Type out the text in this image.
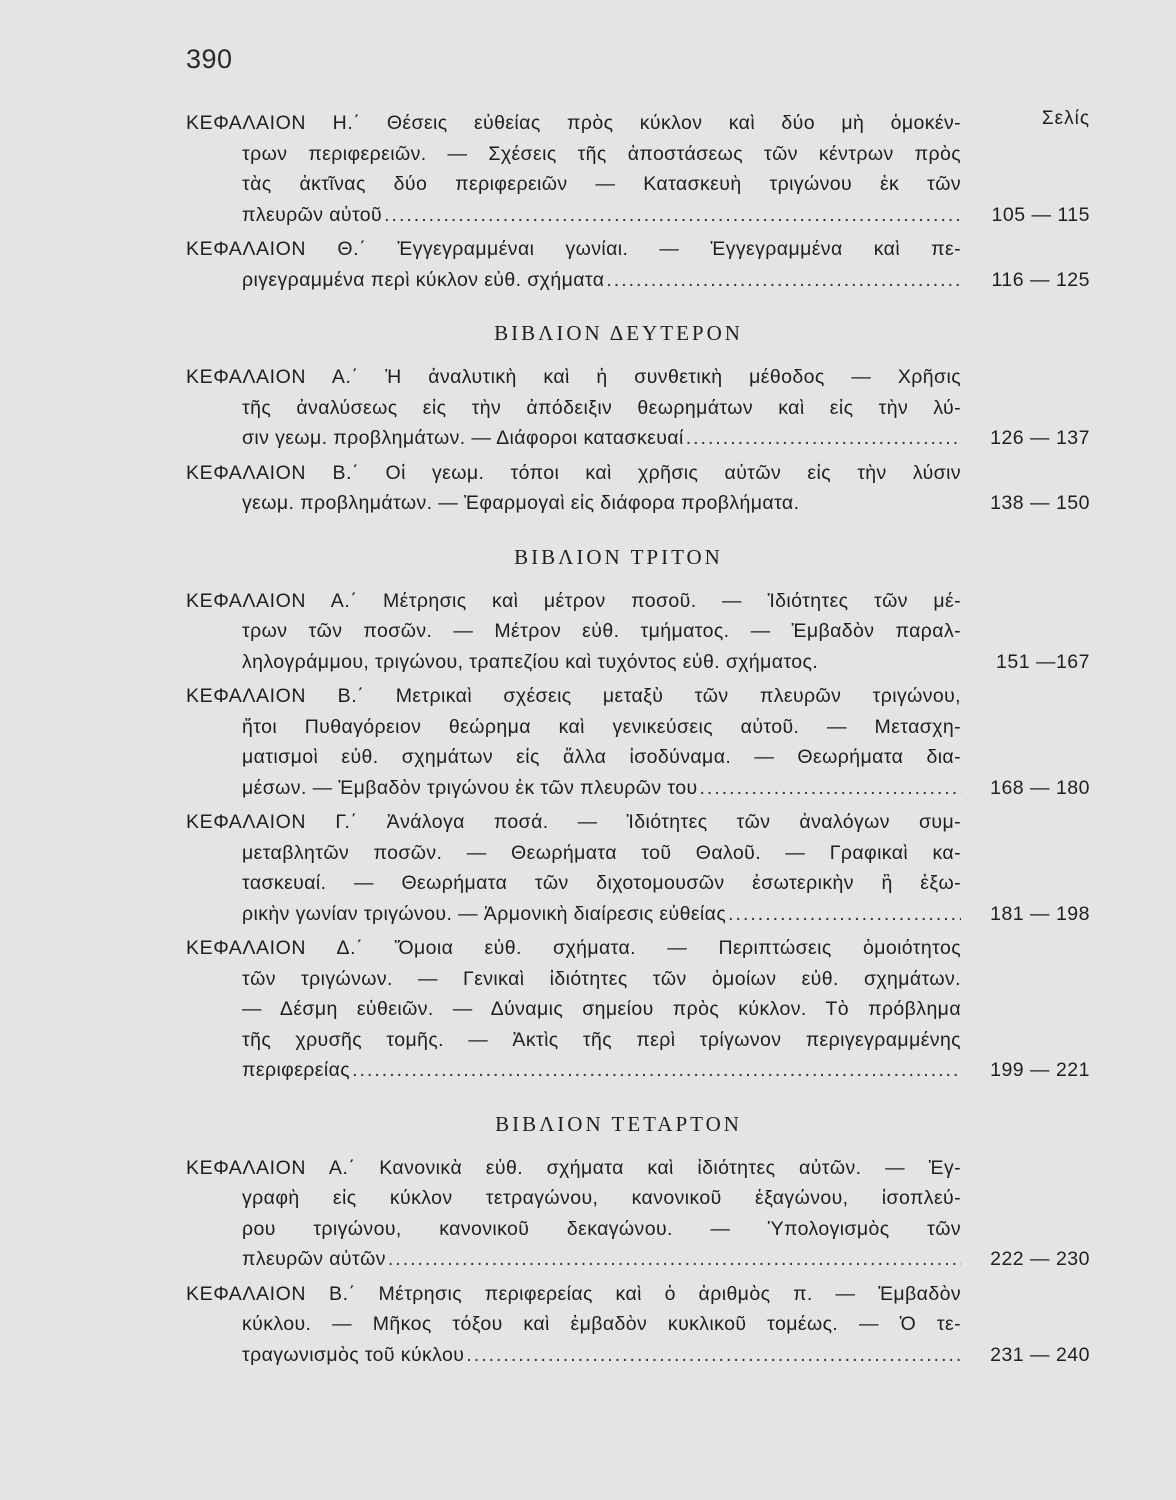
390
Σελίς
ΚΕΦΑΛΑΙΟΝ Η.΄ Θέσεις εὐθείας πρὸς κύκλον καὶ δύο μὴ ὁμοκέν-
τρων περιφερειῶν. — Σχέσεις τῆς ἀποστάσεως τῶν κέντρων πρὸς
τὰς ἀκτῖνας δύο περιφερειῶν — Κατασκευὴ τριγώνου ἐκ τῶν
πλευρῶν αὐτοῦ .....	105 — 115
ΚΕΦΑΛΑΙΟΝ Θ.΄ Ἐγγεγραμμέναι γωνίαι. — Ἐγγεγραμμένα καὶ πε-
ριγεγραμμένα περὶ κύκλον εὐθ. σχήματα .....	116 — 125
ΒΙΒΛΙΟΝ ΔΕΥΤΕΡΟΝ
ΚΕΦΑΛΑΙΟΝ Α.΄ Ἡ ἀναλυτικὴ καὶ ἡ συνθετικὴ μέθοδος — Χρῆσις
τῆς ἀναλύσεως εἰς τὴν ἀπόδειξιν θεωρημάτων καὶ εἰς τὴν λύ-
σιν γεωμ. προβλημάτων. — Διάφοροι κατασκευαί .....	126 — 137
ΚΕΦΑΛΑΙΟΝ Β.΄ Οἱ γεωμ. τόποι καὶ χρῆσις αὐτῶν εἰς τὴν λύσιν
γεωμ. προβλημάτων. — Ἐφαρμογαὶ εἰς διάφορα προβλήματα.	138 — 150
ΒΙΒΛΙΟΝ ΤΡΙΤΟΝ
ΚΕΦΑΛΑΙΟΝ Α.΄ Μέτρησις καὶ μέτρον ποσοῦ. — Ἰδιότητες τῶν μέ-
τρων τῶν ποσῶν. — Μέτρον εὐθ. τμήματος. — Ἐμβαδὸν παραλ-
ληλογράμμου, τριγώνου, τραπεζίου καὶ τυχόντος εὐθ. σχήματος.	151 —167
ΚΕΦΑΛΑΙΟΝ Β.΄ Μετρικαὶ σχέσεις μεταξὺ τῶν πλευρῶν τριγώνου,
ἤτοι Πυθαγόρειον θεώρημα καὶ γενικεύσεις αὐτοῦ. — Μετασχη-
ματισμοὶ εὐθ. σχημάτων εἰς ἄλλα ἰσοδύναμα. — Θεωρήματα δια-
μέσων. — Ἐμβαδὸν τριγώνου ἐκ τῶν πλευρῶν του .....	168 — 180
ΚΕΦΑΛΑΙΟΝ Γ.΄ Ἀνάλογα ποσά. — Ἰδιότητες τῶν ἀναλόγων συμ-
μεταβλητῶν ποσῶν. — Θεωρήματα τοῦ Θαλοῦ. — Γραφικαὶ κα-
τασκευαί. — Θεωρήματα τῶν διχοτομουσῶν ἐσωτερικὴν ἢ ἐξω-
ρικὴν γωνίαν τριγώνου. — Ἁρμονικὴ διαίρεσις εὐθείας .....	181 — 198
ΚΕΦΑΛΑΙΟΝ Δ.΄ Ὅμοια εὐθ. σχήματα. — Περιπτώσεις ὁμοιότητος
τῶν τριγώνων. — Γενικαὶ ἰδιότητες τῶν ὁμοίων εὐθ. σχημάτων.
— Δέσμη εὐθειῶν. — Δύναμις σημείου πρὸς κύκλον. Τὸ πρόβλημα
τῆς χρυσῆς τομῆς. — Ἀκτὶς τῆς περὶ τρίγωνον περιγεγραμμένης
περιφερείας .....	199 — 221
ΒΙΒΛΙΟΝ ΤΕΤΑΡΤΟΝ
ΚΕΦΑΛΑΙΟΝ Α.΄ Κανονικὰ εὐθ. σχήματα καὶ ἰδιότητες αὐτῶν. — Ἐγ-
γραφὴ εἰς κύκλον τετραγώνου, κανονικοῦ ἑξαγώνου, ἰσοπλεύ-
ρου τριγώνου, κανονικοῦ δεκαγώνου. — Ὑπολογισμὸς τῶν
πλευρῶν αὐτῶν .....	222 — 230
ΚΕΦΑΛΑΙΟΝ Β.΄ Μέτρησις περιφερείας καὶ ὁ ἀριθμὸς π. — Ἐμβαδὸν
κύκλου. — Μῆκος τόξου καὶ ἐμβαδὸν κυκλικοῦ τομέως. — Ὁ τε-
τραγωνισμὸς τοῦ κύκλου .....	231 — 240
